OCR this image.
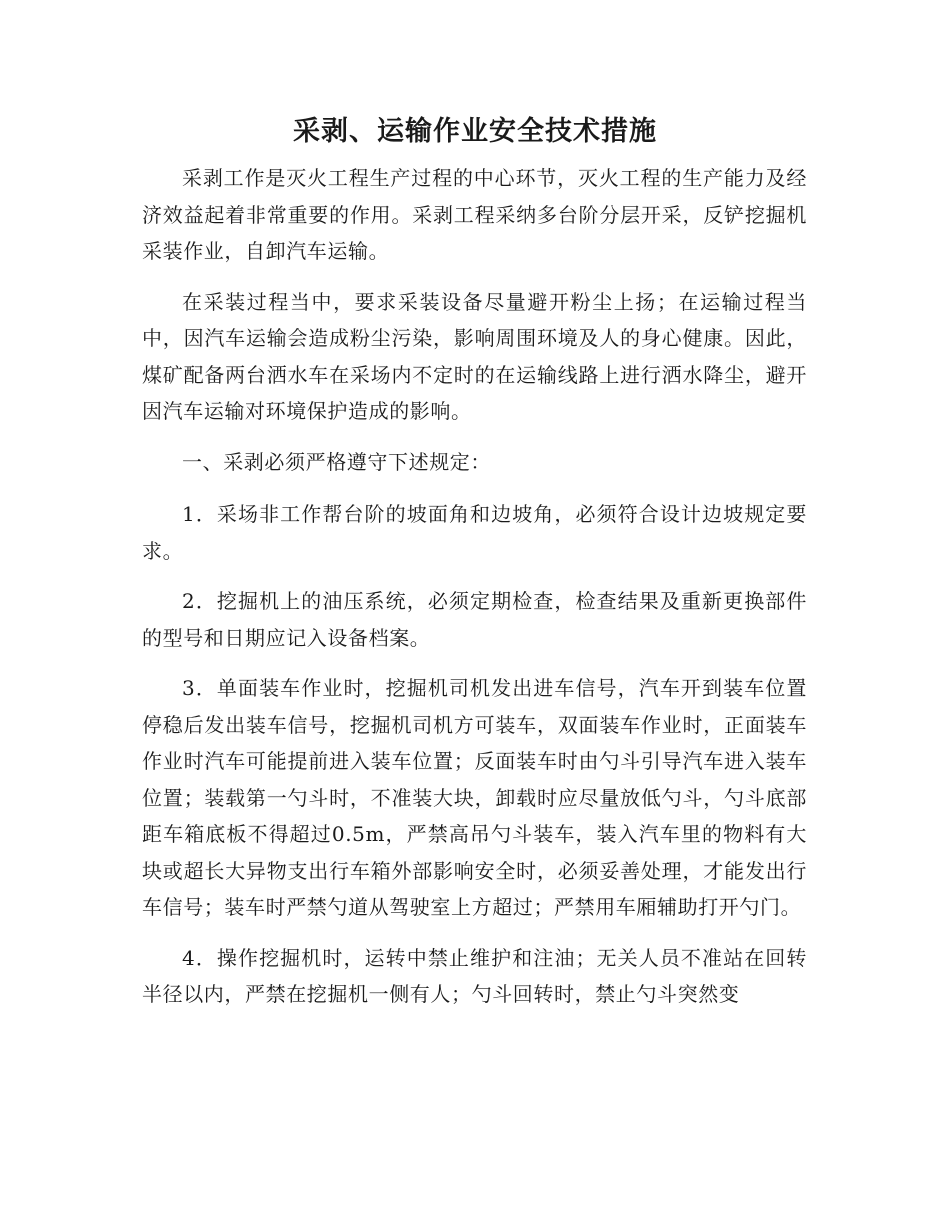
采剥、运输作业安全技术措施

采剥工作是灭火工程生产过程的中心环节，灭火工程的生产能力及经济效益起着非常重要的作用。采剥工程采纳多台阶分层开采，反铲挖掘机采装作业，自卸汽车运输。

在采装过程当中，要求采装设备尽量避开粉尘上扬；在运输过程当中，因汽车运输会造成粉尘污染，影响周围环境及人的身心健康。因此，煤矿配备两台洒水车在采场内不定时的在运输线路上进行洒水降尘，避开因汽车运输对环境保护造成的影响。

一、采剥必须严格遵守下述规定：

1．采场非工作帮台阶的坡面角和边坡角，必须符合设计边坡规定要求。

2．挖掘机上的油压系统，必须定期检查，检查结果及重新更换部件的型号和日期应记入设备档案。

3．单面装车作业时，挖掘机司机发出进车信号，汽车开到装车位置停稳后发出装车信号，挖掘机司机方可装车，双面装车作业时，正面装车作业时汽车可能提前进入装车位置；反面装车时由勺斗引导汽车进入装车位置；装载第一勺斗时，不准装大块，卸载时应尽量放低勺斗，勺斗底部距车箱底板不得超过0.5m，严禁高吊勺斗装车，装入汽车里的物料有大块或超长大异物支出行车箱外部影响安全时，必须妥善处理，才能发出行车信号；装车时严禁勺道从驾驶室上方超过；严禁用车厢辅助打开勺门。

4．操作挖掘机时，运转中禁止维护和注油；无关人员不准站在回转半径以内，严禁在挖掘机一侧有人；勺斗回转时，禁止勺斗突然变
